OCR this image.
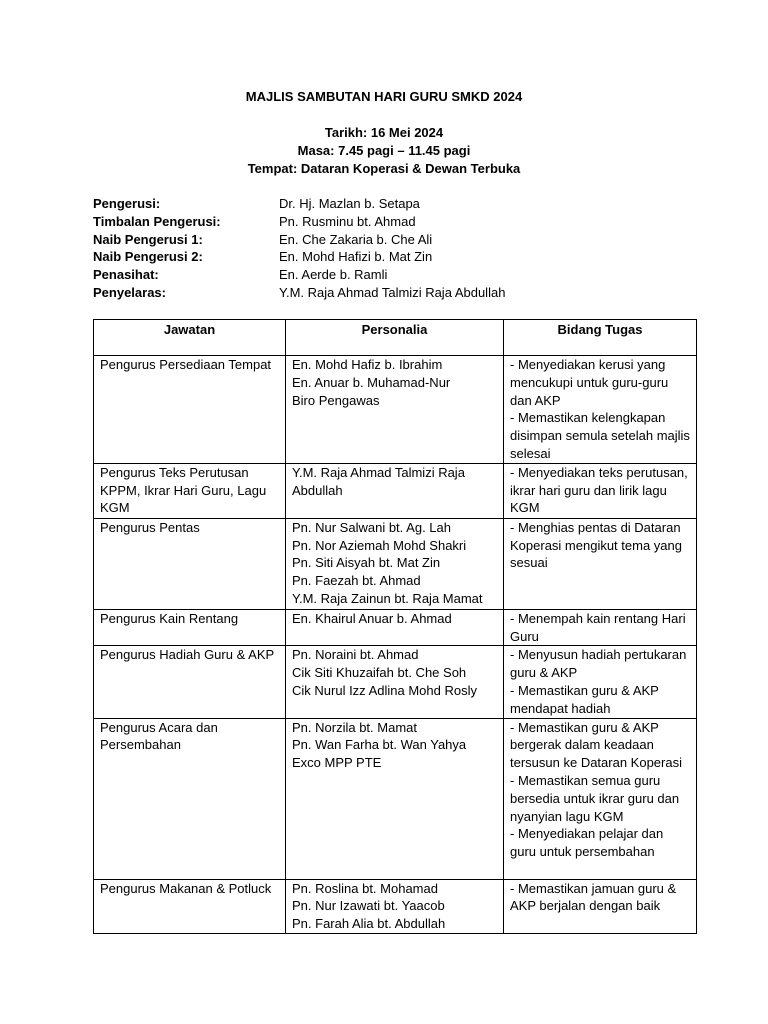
MAJLIS SAMBUTAN HARI GURU SMKD 2024
Tarikh: 16 Mei 2024
Masa: 7.45 pagi – 11.45 pagi
Tempat: Dataran Koperasi & Dewan Terbuka
Pengerusi:	Dr. Hj. Mazlan b. Setapa
Timbalan Pengerusi:	Pn. Rusminu bt. Ahmad
Naib Pengerusi 1:	En. Che Zakaria b. Che Ali
Naib Pengerusi 2:	En. Mohd Hafizi b. Mat Zin
Penasihat:	En. Aerde b. Ramli
Penyelaras:	Y.M. Raja Ahmad Talmizi Raja Abdullah
Jawatan	Personalia	Bidang Tugas

Pengurus Persediaan Tempat	En. Mohd Hafiz b. Ibrahim
En. Anuar b. Muhamad-Nur
Biro Pengawas	- Menyediakan kerusi yang mencukupi untuk guru-guru dan AKP
- Memastikan kelengkapan disimpan semula setelah majlis selesai

Pengurus Teks Perutusan KPPM, Ikrar Hari Guru, Lagu KGM	Y.M. Raja Ahmad Talmizi Raja Abdullah	- Menyediakan teks perutusan, ikrar hari guru dan lirik lagu KGM

Pengurus Pentas	Pn. Nur Salwani bt. Ag. Lah
Pn. Nor Aziemah Mohd Shakri
Pn. Siti Aisyah bt. Mat Zin
Pn. Faezah bt. Ahmad
Y.M. Raja Zainun bt. Raja Mamat	- Menghias pentas di Dataran Koperasi mengikut tema yang sesuai

Pengurus Kain Rentang	En. Khairul Anuar b. Ahmad	- Menempah kain rentang Hari Guru

Pengurus Hadiah Guru & AKP	Pn. Noraini bt. Ahmad
Cik Siti Khuzaifah bt. Che Soh
Cik Nurul Izz Adlina Mohd Rosly	- Menyusun hadiah pertukaran guru & AKP
- Memastikan guru & AKP mendapat hadiah

Pengurus Acara dan Persembahan	Pn. Norzila bt. Mamat
Pn. Wan Farha bt. Wan Yahya
Exco MPP PTE	- Memastikan guru & AKP bergerak dalam keadaan tersusun ke Dataran Koperasi
- Memastikan semua guru bersedia untuk ikrar guru dan nyanyian lagu KGM
- Menyediakan pelajar dan guru untuk persembahan

Pengurus Makanan & Potluck	Pn. Roslina bt. Mohamad
Pn. Nur Izawati bt. Yaacob
Pn. Farah Alia bt. Abdullah	- Memastikan jamuan guru & AKP berjalan dengan baik
